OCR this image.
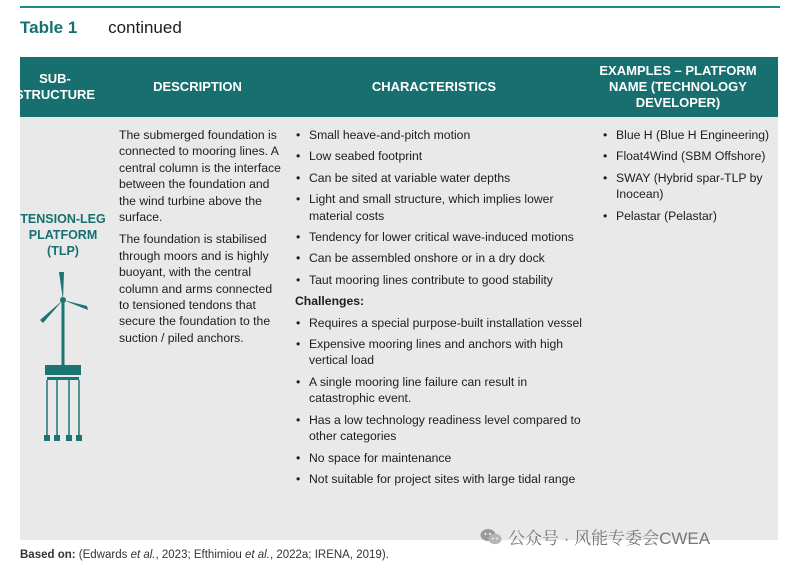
Table 1 continued
SUB-
STRUCTURE
DESCRIPTION	CHARACTERISTICS
EXAMPLES – PLATFORM NAME (TECHNOLOGY DEVELOPER)
TENSION-LEG PLATFORM (TLP)

The submerged foundation is connected to mooring lines. A central column is the interface between the foundation and the wind turbine above the surface.

The foundation is stabilised through moors and is highly buoyant, with the central column and arms connected to tensioned tendons that secure the foundation to the suction / piled anchors.

• Small heave-and-pitch motion
• Low seabed footprint
• Can be sited at variable water depths
• Light and small structure, which implies lower material costs
• Tendency for lower critical wave-induced motions
• Can be assembled onshore or in a dry dock
• Taut mooring lines contribute to good stability
Challenges:
• Requires a special purpose-built installation vessel
• Expensive mooring lines and anchors with high vertical load
• A single mooring line failure can result in catastrophic event.
• Has a low technology readiness level compared to other categories
• No space for maintenance
• Not suitable for project sites with large tidal range
• Blue H (Blue H Engineering)
• Float4Wind (SBM Offshore)
• SWAY (Hybrid spar-TLP by Inocean)
• Pelastar (Pelastar)
公众号 · 风能专委会CWEA
Based on: (Edwards et al., 2023; Efthimiou et al., 2022a; IRENA, 2019).
